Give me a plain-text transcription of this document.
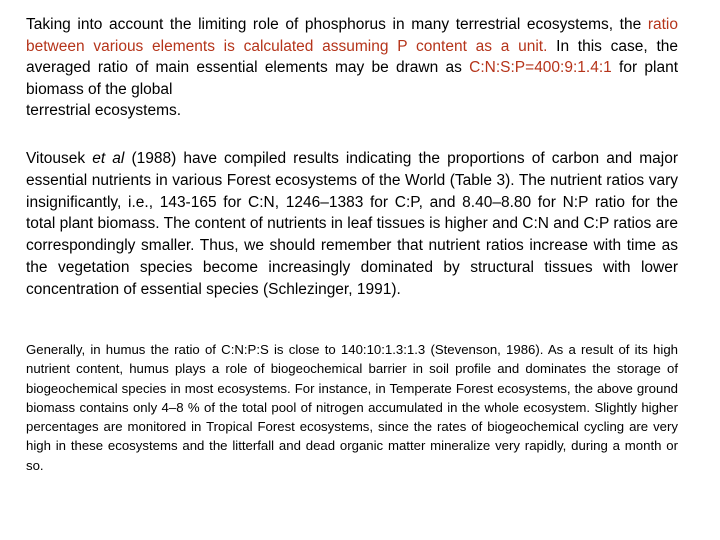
Taking into account the limiting role of phosphorus in many terrestrial ecosystems, the ratio between various elements is calculated assuming P content as a unit. In this case, the averaged ratio of main essential elements may be drawn as C:N:S:P=400:9:1.4:1 for plant biomass of the global
terrestrial ecosystems.

Vitousek et al (1988) have compiled results indicating the proportions of carbon and major essential nutrients in various Forest ecosystems of the World (Table 3). The nutrient ratios vary insignificantly, i.e., 143-165 for C:N, 1246–1383 for C:P, and 8.40–8.80 for N:P ratio for the total plant biomass. The content of nutrients in leaf tissues is higher and C:N and C:P ratios are correspondingly smaller. Thus, we should remember that nutrient ratios increase with time as the vegetation species become increasingly dominated by structural tissues with lower concentration of essential species (Schlezinger, 1991).

Generally, in humus the ratio of C:N:P:S is close to 140:10:1.3:1.3 (Stevenson, 1986). As a result of its high nutrient content, humus plays a role of biogeochemical barrier in soil profile and dominates the storage of biogeochemical species in most ecosystems. For instance, in Temperate Forest ecosystems, the above ground biomass contains only 4–8 % of the total pool of nitrogen accumulated in the whole ecosystem. Slightly higher percentages are monitored in Tropical Forest ecosystems, since the rates of biogeochemical cycling are very high in these ecosystems and the litterfall and dead organic matter mineralize very rapidly, during a month or so.
